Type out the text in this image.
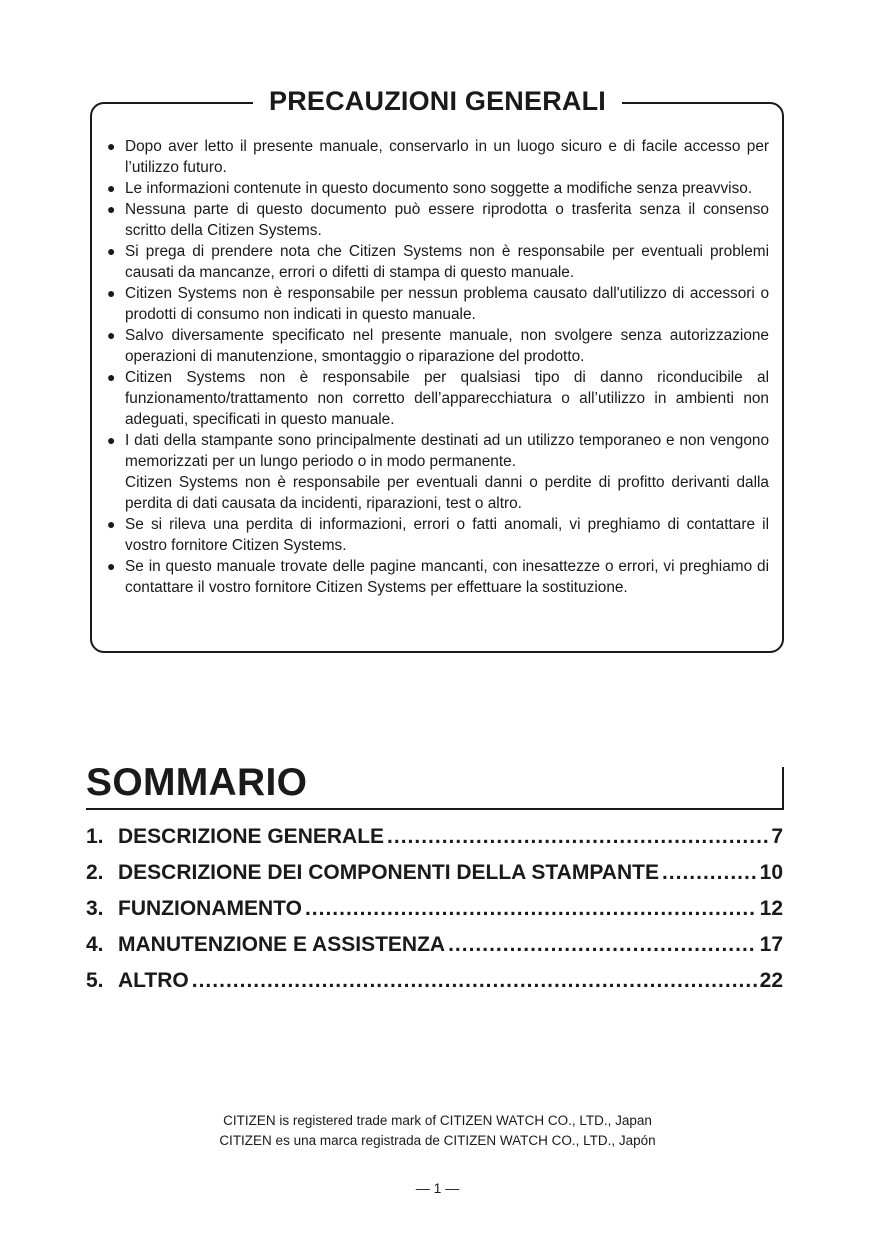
PRECAUZIONI GENERALI
● Dopo aver letto il presente manuale, conservarlo in un luogo sicuro e di facile accesso per l’utilizzo futuro.
● Le informazioni contenute in questo documento sono soggette a modifiche senza preavviso.
● Nessuna parte di questo documento può essere riprodotta o trasferita senza il consenso scritto della Citizen Systems.
● Si prega di prendere nota che Citizen Systems non è responsabile per eventuali problemi causati da mancanze, errori o difetti di stampa di questo manuale.
● Citizen Systems non è responsabile per nessun problema causato dall'utilizzo di accessori o prodotti di consumo non indicati in questo manuale.
● Salvo diversamente specificato nel presente manuale, non svolgere senza autorizzazione operazioni di manutenzione, smontaggio o riparazione del prodotto.
● Citizen Systems non è responsabile per qualsiasi tipo di danno riconducibile al funzionamento/trattamento non corretto dell’apparecchiatura o all’utilizzo in ambienti non adeguati, specificati in questo manuale.
● I dati della stampante sono principalmente destinati ad un utilizzo temporaneo e non vengono memorizzati per un lungo periodo o in modo permanente.
Citizen Systems non è responsabile per eventuali danni o perdite di profitto derivanti dalla perdita di dati causata da incidenti, riparazioni, test o altro.
● Se si rileva una perdita di informazioni, errori o fatti anomali, vi preghiamo di contattare il vostro fornitore Citizen Systems.
● Se in questo manuale trovate delle pagine mancanti, con inesattezze o errori, vi preghiamo di contattare il vostro fornitore Citizen Systems per effettuare la sostituzione.
SOMMARIO
1. DESCRIZIONE GENERALE .....	7
2. DESCRIZIONE DEI COMPONENTI DELLA STAMPANTE .....	10
3. FUNZIONAMENTO .....	12
4. MANUTENZIONE E ASSISTENZA .....	17
5. ALTRO .....	22
CITIZEN is registered trade mark of CITIZEN WATCH CO., LTD., Japan
CITIZEN es una marca registrada de CITIZEN WATCH CO., LTD., Japón
— 1 —
